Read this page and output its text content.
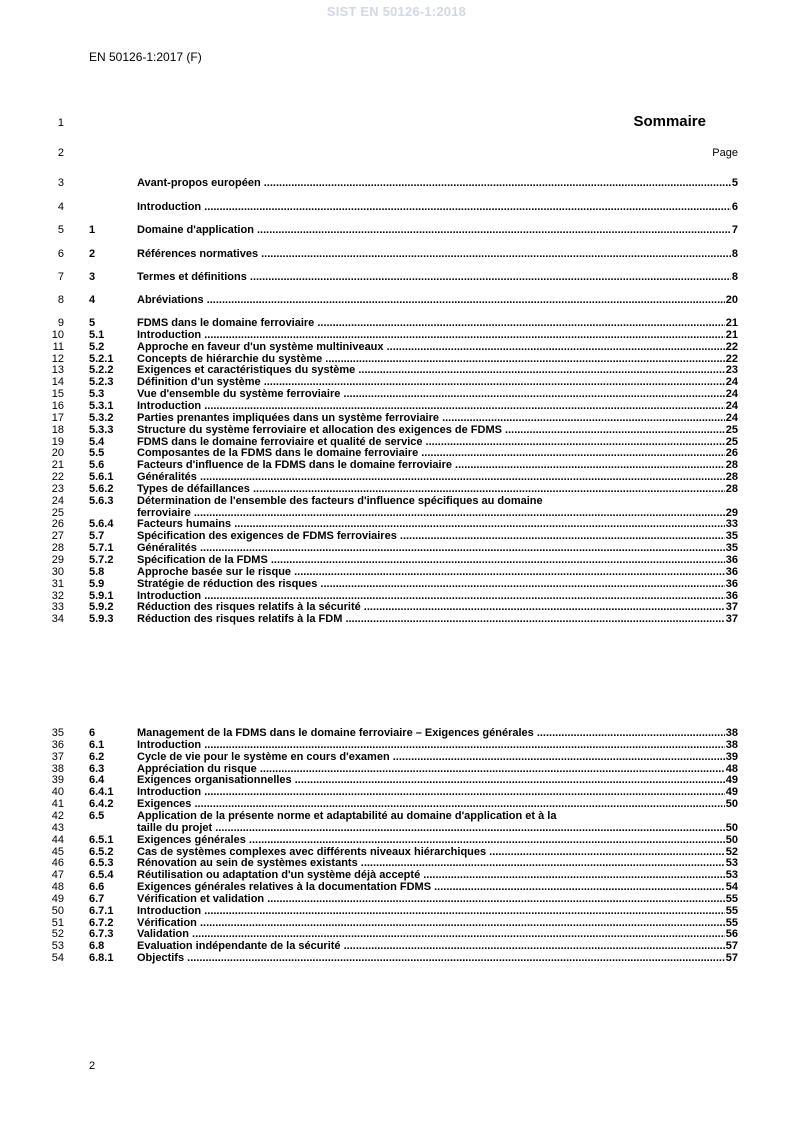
SIST EN 50126-1:2018
EN 50126-1:2017 (F)
1	Sommaire
2	Page
3	Avant-propos européen .....	5
4	Introduction .....	6
5 1	Domaine d'application .....	7
6 2	Références normatives .....	8
7 3	Termes et définitions .....	8
8 4	Abréviations .....	20
9 5	FDMS dans le domaine ferroviaire .....	21
10 5.1	Introduction .....	21
11 5.2	Approche en faveur d'un système multiniveaux .....	22
12 5.2.1	Concepts de hiérarchie du système .....	22
13 5.2.2	Exigences et caractéristiques du système .....	23
14 5.2.3	Définition d'un système .....	24
15 5.3	Vue d'ensemble du système ferroviaire .....	24
16 5.3.1	Introduction .....	24
17 5.3.2	Parties prenantes impliquées dans un système ferroviaire .....	24
18 5.3.3	Structure du système ferroviaire et allocation des exigences de FDMS .....	25
19 5.4	FDMS dans le domaine ferroviaire et qualité de service .....	25
20 5.5	Composantes de la FDMS dans le domaine ferroviaire .....	26
21 5.6	Facteurs d'influence de la FDMS dans le domaine ferroviaire .....	28
22 5.6.1	Généralités .....	28
23 5.6.2	Types de défaillances .....	28
24 5.6.3	Détermination de l'ensemble des facteurs d'influence spécifiques au domaine
25	ferroviaire .....	29
26 5.6.4	Facteurs humains .....	33
27 5.7	Spécification des exigences de FDMS ferroviaires .....	35
28 5.7.1	Généralités .....	35
29 5.7.2	Spécification de la FDMS .....	36
30 5.8	Approche basée sur le risque .....	36
31 5.9	Stratégie de réduction des risques .....	36
32 5.9.1	Introduction .....	36
33 5.9.2	Réduction des risques relatifs à la sécurité .....	37
34 5.9.3	Réduction des risques relatifs à la FDM .....	37
35 6	Management de la FDMS dans le domaine ferroviaire – Exigences générales .....	38
36 6.1	Introduction .....	38
37 6.2	Cycle de vie pour le système en cours d'examen .....	39
38 6.3	Appréciation du risque .....	48
39 6.4	Exigences organisationnelles .....	49
40 6.4.1	Introduction .....	49
41 6.4.2	Exigences .....	50
42 6.5	Application de la présente norme et adaptabilité au domaine d'application et à la
43	taille du projet .....	50
44 6.5.1	Exigences générales .....	50
45 6.5.2	Cas de systèmes complexes avec différents niveaux hiérarchiques .....	52
46 6.5.3	Rénovation au sein de systèmes existants .....	53
47 6.5.4	Réutilisation ou adaptation d'un système déjà accepté .....	53
48 6.6	Exigences générales relatives à la documentation FDMS .....	54
49 6.7	Vérification et validation .....	55
50 6.7.1	Introduction .....	55
51 6.7.2	Vérification .....	55
52 6.7.3	Validation .....	56
53 6.8	Evaluation indépendante de la sécurité .....	57
54 6.8.1	Objectifs .....	57
2
